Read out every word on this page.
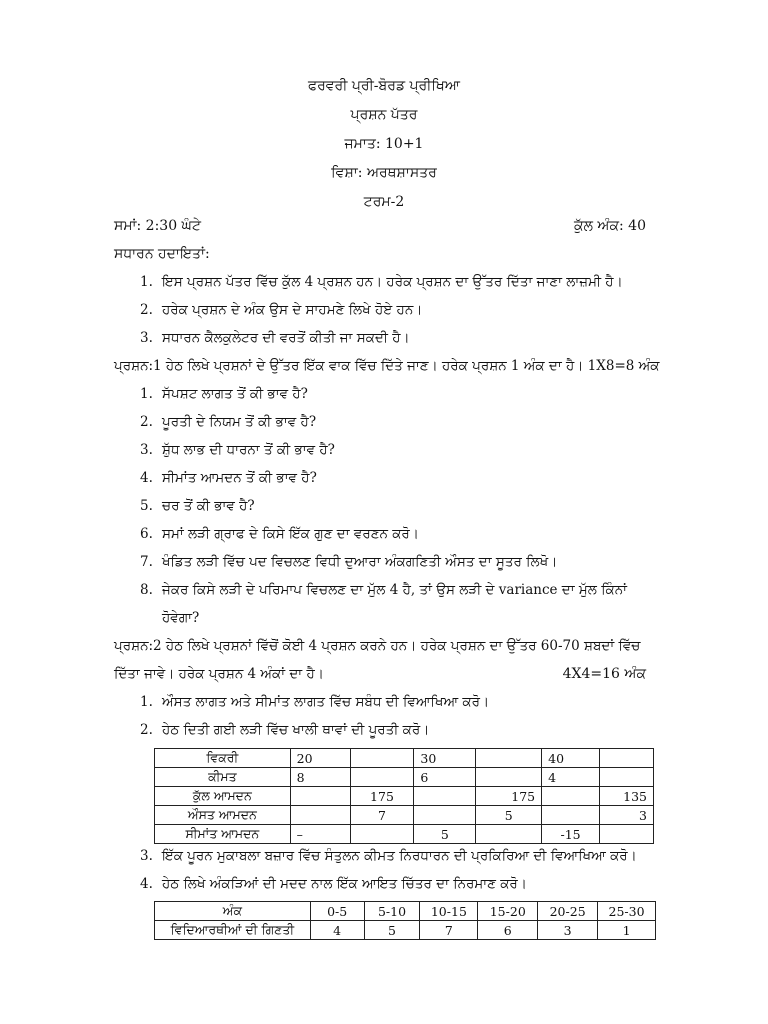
ਫਰਵਰੀ ਪ੍ਰੀ-ਬੋਰਡ ਪ੍ਰੀਖਿਆ
ਪ੍ਰਸ਼ਨ ਪੱਤਰ
ਜਮਾਤ: 10+1
ਵਿਸ਼ਾ: ਅਰਥਸ਼ਾਸਤਰ
ਟਰਮ-2
ਸਮਾਂ: 2:30 ਘੰਟੇ	ਕੁੱਲ ਅੰਕ: 40
ਸਧਾਰਨ ਹਦਾਇਤਾਂ:
1. ਇਸ ਪ੍ਰਸ਼ਨ ਪੱਤਰ ਵਿੱਚ ਕੁੱਲ 4 ਪ੍ਰਸ਼ਨ ਹਨ। ਹਰੇਕ ਪ੍ਰਸ਼ਨ ਦਾ ਉੱਤਰ ਦਿੱਤਾ ਜਾਣਾ ਲਾਜ਼ਮੀ ਹੈ।
2. ਹਰੇਕ ਪ੍ਰਸ਼ਨ ਦੇ ਅੰਕ ਉਸ ਦੇ ਸਾਹਮਣੇ ਲਿਖੇ ਹੋਏ ਹਨ।
3. ਸਧਾਰਨ ਕੈਲਕੁਲੇਟਰ ਦੀ ਵਰਤੋਂ ਕੀਤੀ ਜਾ ਸਕਦੀ ਹੈ।
ਪ੍ਰਸ਼ਨ:1 ਹੇਠ ਲਿਖੇ ਪ੍ਰਸ਼ਨਾਂ ਦੇ ਉੱਤਰ ਇੱਕ ਵਾਕ ਵਿੱਚ ਦਿੱਤੇ ਜਾਣ। ਹਰੇਕ ਪ੍ਰਸ਼ਨ 1 ਅੰਕ ਦਾ ਹੈ। 1X8=8 ਅੰਕ
1. ਸੱਪਸ਼ਟ ਲਾਗਤ ਤੋਂ ਕੀ ਭਾਵ ਹੈ?
2. ਪੂਰਤੀ ਦੇ ਨਿਯਮ ਤੋਂ ਕੀ ਭਾਵ ਹੈ?
3. ਸ਼ੁੱਧ ਲਾਭ ਦੀ ਧਾਰਨਾ ਤੋਂ ਕੀ ਭਾਵ ਹੈ?
4. ਸੀਮਾਂਤ ਆਮਦਨ ਤੋਂ ਕੀ ਭਾਵ ਹੈ?
5. ਚਰ ਤੋਂ ਕੀ ਭਾਵ ਹੈ?
6. ਸਮਾਂ ਲੜੀ ਗ੍ਰਾਫ ਦੇ ਕਿਸੇ ਇੱਕ ਗੁਣ ਦਾ ਵਰਣਨ ਕਰੋ।
7. ਖੰਡਿਤ ਲੜੀ ਵਿੱਚ ਪਦ ਵਿਚਲਣ ਵਿਧੀ ਦੁਆਰਾ ਅੰਕਗਣਿਤੀ ਔਸਤ ਦਾ ਸੂਤਰ ਲਿਖੋ।
8. ਜੇਕਰ ਕਿਸੇ ਲੜੀ ਦੇ ਪਰਿਮਾਪ ਵਿਚਲਣ ਦਾ ਮੁੱਲ 4 ਹੈ, ਤਾਂ ਉਸ ਲੜੀ ਦੇ variance ਦਾ ਮੁੱਲ ਕਿੰਨਾਂ
ਹੋਵੇਗਾ?
ਪ੍ਰਸ਼ਨ:2 ਹੇਠ ਲਿਖੇ ਪ੍ਰਸ਼ਨਾਂ ਵਿੱਚੋਂ ਕੋਈ 4 ਪ੍ਰਸ਼ਨ ਕਰਨੇ ਹਨ। ਹਰੇਕ ਪ੍ਰਸ਼ਨ ਦਾ ਉੱਤਰ 60-70 ਸ਼ਬਦਾਂ ਵਿੱਚ
ਦਿੱਤਾ ਜਾਵੇ। ਹਰੇਕ ਪ੍ਰਸ਼ਨ 4 ਅੰਕਾਂ ਦਾ ਹੈ।	4X4=16 ਅੰਕ
1. ਔਸਤ ਲਾਗਤ ਅਤੇ ਸੀਮਾਂਤ ਲਾਗਤ ਵਿੱਚ ਸਬੰਧ ਦੀ ਵਿਆਖਿਆ ਕਰੋ।
2. ਹੇਠ ਦਿਤੀ ਗਈ ਲੜੀ ਵਿੱਚ ਖਾਲੀ ਥਾਵਾਂ ਦੀ ਪੂਰਤੀ ਕਰੋ।
ਵਿਕਰੀ	20		30		40	
ਕੀਮਤ	8		6		4	
ਕੁੱਲ ਆਮਦਨ		175		175		135
ਔਸਤ ਆਮਦਨ		7		5		3
ਸੀਮਾਂਤ ਆਮਦਨ	–		5		-15	
3. ਇੱਕ ਪੂਰਨ ਮੁਕਾਬਲਾ ਬਜ਼ਾਰ ਵਿੱਚ ਸੰਤੁਲਨ ਕੀਮਤ ਨਿਰਧਾਰਨ ਦੀ ਪ੍ਰਕਿਰਿਆ ਦੀ ਵਿਆਖਿਆ ਕਰੋ।
4. ਹੇਠ ਲਿਖੇ ਅੰਕੜਿਆਂ ਦੀ ਮਦਦ ਨਾਲ ਇੱਕ ਆਇਤ ਚਿੱਤਰ ਦਾ ਨਿਰਮਾਣ ਕਰੋ।
ਅੰਕ	0-5	5-10	10-15	15-20	20-25	25-30
ਵਿਦਿਆਰਥੀਆਂ ਦੀ ਗਿਣਤੀ	4	5	7	6	3	1
